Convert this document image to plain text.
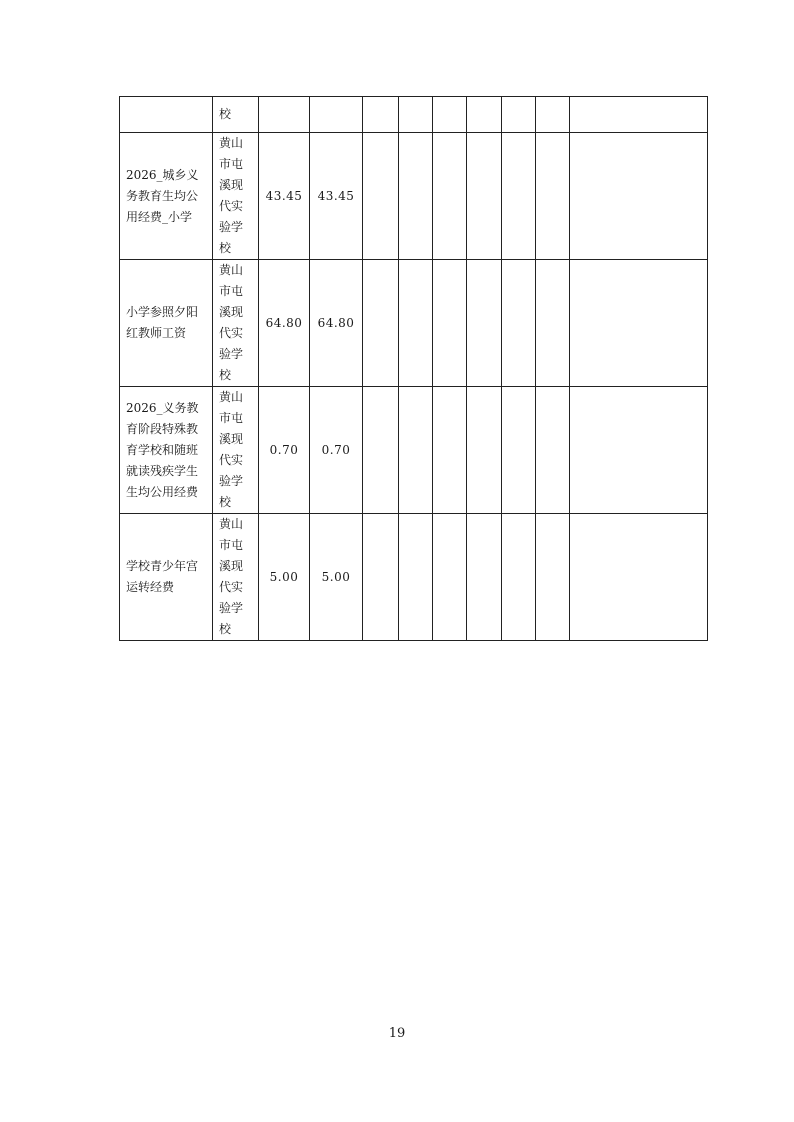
	校									
2026_城乡义务教育生均公用经费_小学	黄山市屯溪现代实验学校	43.45	43.45							
小学参照夕阳红教师工资	黄山市屯溪现代实验学校	64.80	64.80							
2026_义务教育阶段特殊教育学校和随班就读残疾学生生均公用经费	黄山市屯溪现代实验学校	0.70	0.70							
学校青少年宫运转经费	黄山市屯溪现代实验学校	5.00	5.00							
19
